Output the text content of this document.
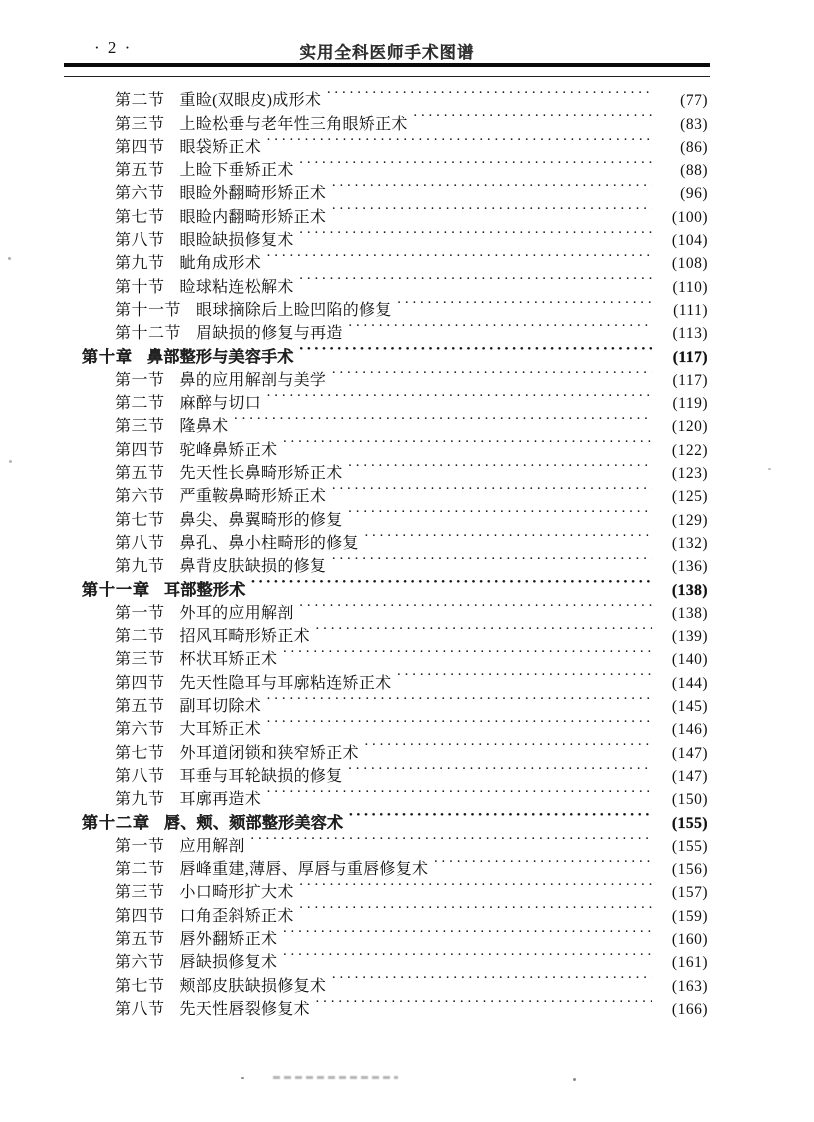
· 2 ·	实用全科医师手术图谱
第二节 重睑(双眼皮)成形术 ·····	(77)
第三节 上睑松垂与老年性三角眼矫正术 ·····	(83)
第四节 眼袋矫正术 ·····	(86)
第五节 上睑下垂矫正术 ·····	(88)
第六节 眼睑外翻畸形矫正术 ·····	(96)
第七节 眼睑内翻畸形矫正术 ·····	(100)
第八节 眼睑缺损修复术 ·····	(104)
第九节 眦角成形术 ·····	(108)
第十节 睑球粘连松解术 ·····	(110)
第十一节 眼球摘除后上睑凹陷的修复 ·····	(111)
第十二节 眉缺损的修复与再造 ·····	(113)
第十章 鼻部整形与美容手术 ·····	(117)
第一节 鼻的应用解剖与美学 ·····	(117)
第二节 麻醉与切口 ·····	(119)
第三节 隆鼻术 ·····	(120)
第四节 驼峰鼻矫正术 ·····	(122)
第五节 先天性长鼻畸形矫正术 ·····	(123)
第六节 严重鞍鼻畸形矫正术 ·····	(125)
第七节 鼻尖、鼻翼畸形的修复 ·····	(129)
第八节 鼻孔、鼻小柱畸形的修复 ·····	(132)
第九节 鼻背皮肤缺损的修复 ·····	(136)
第十一章 耳部整形术 ·····	(138)
第一节 外耳的应用解剖 ·····	(138)
第二节 招风耳畸形矫正术 ·····	(139)
第三节 杯状耳矫正术 ·····	(140)
第四节 先天性隐耳与耳廓粘连矫正术 ·····	(144)
第五节 副耳切除术 ·····	(145)
第六节 大耳矫正术 ·····	(146)
第七节 外耳道闭锁和狭窄矫正术 ·····	(147)
第八节 耳垂与耳轮缺损的修复 ·····	(147)
第九节 耳廓再造术 ·····	(150)
第十二章 唇、颊、颏部整形美容术 ·····	(155)
第一节 应用解剖 ·····	(155)
第二节 唇峰重建,薄唇、厚唇与重唇修复术 ·····	(156)
第三节 小口畸形扩大术 ·····	(157)
第四节 口角歪斜矫正术 ·····	(159)
第五节 唇外翻矫正术 ·····	(160)
第六节 唇缺损修复术 ·····	(161)
第七节 颊部皮肤缺损修复术 ·····	(163)
第八节 先天性唇裂修复术 ·····	(166)
